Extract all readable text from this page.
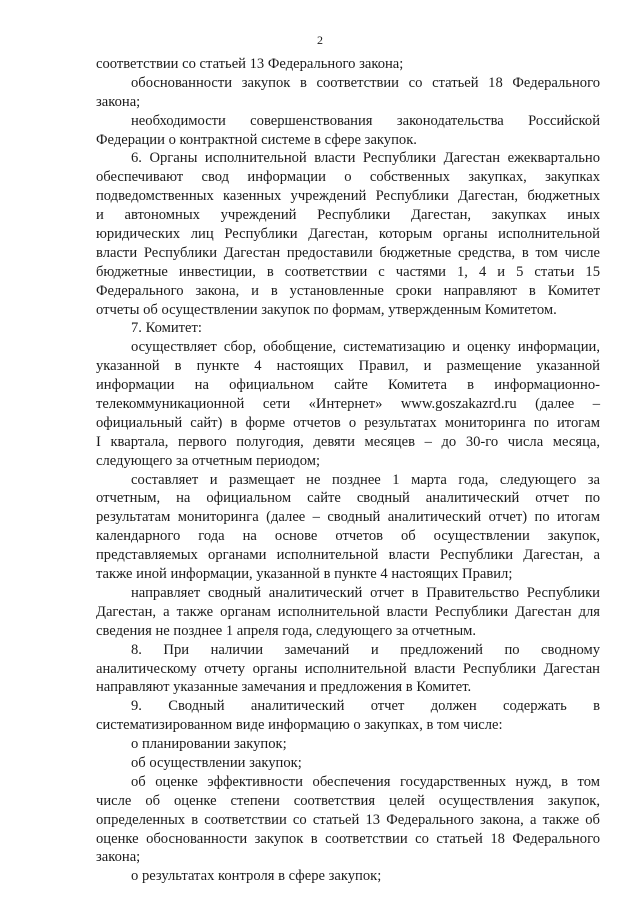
2
соответствии со статьей 13 Федерального закона;
обоснованности закупок в соответствии со статьей 18 Федерального
закона;
необходимости совершенствования законодательства Российской
Федерации о контрактной системе в сфере закупок.
6. Органы исполнительной власти Республики Дагестан ежеквартально
обеспечивают свод информации о собственных закупках, закупках
подведомственных казенных учреждений Республики Дагестан, бюджетных
и автономных учреждений Республики Дагестан, закупках иных
юридических лиц Республики Дагестан, которым органы исполнительной
власти Республики Дагестан предоставили бюджетные средства, в том числе
бюджетные инвестиции, в соответствии с частями 1, 4 и 5 статьи 15
Федерального закона, и в установленные сроки направляют в Комитет
отчеты об осуществлении закупок по формам, утвержденным Комитетом.
7. Комитет:
осуществляет сбор, обобщение, систематизацию и оценку информации,
указанной в пункте 4 настоящих Правил, и размещение указанной
информации на официальном сайте Комитета в информационно-
телекоммуникационной сети «Интернет» www.goszakazrd.ru (далее –
официальный сайт) в форме отчетов о результатах мониторинга по итогам
I квартала, первого полугодия, девяти месяцев – до 30-го числа месяца,
следующего за отчетным периодом;
составляет и размещает не позднее 1 марта года, следующего за
отчетным, на официальном сайте сводный аналитический отчет по
результатам мониторинга (далее – сводный аналитический отчет) по итогам
календарного года на основе отчетов об осуществлении закупок,
представляемых органами исполнительной власти Республики Дагестан, а
также иной информации, указанной в пункте 4 настоящих Правил;
направляет сводный аналитический отчет в Правительство Республики
Дагестан, а также органам исполнительной власти Республики Дагестан для
сведения не позднее 1 апреля года, следующего за отчетным.
8. При наличии замечаний и предложений по сводному
аналитическому отчету органы исполнительной власти Республики Дагестан
направляют указанные замечания и предложения в Комитет.
9. Сводный аналитический отчет должен содержать в
систематизированном виде информацию о закупках, в том числе:
о планировании закупок;
об осуществлении закупок;
об оценке эффективности обеспечения государственных нужд, в том
числе об оценке степени соответствия целей осуществления закупок,
определенных в соответствии со статьей 13 Федерального закона, а также об
оценке обоснованности закупок в соответствии со статьей 18 Федерального
закона;
о результатах контроля в сфере закупок;
